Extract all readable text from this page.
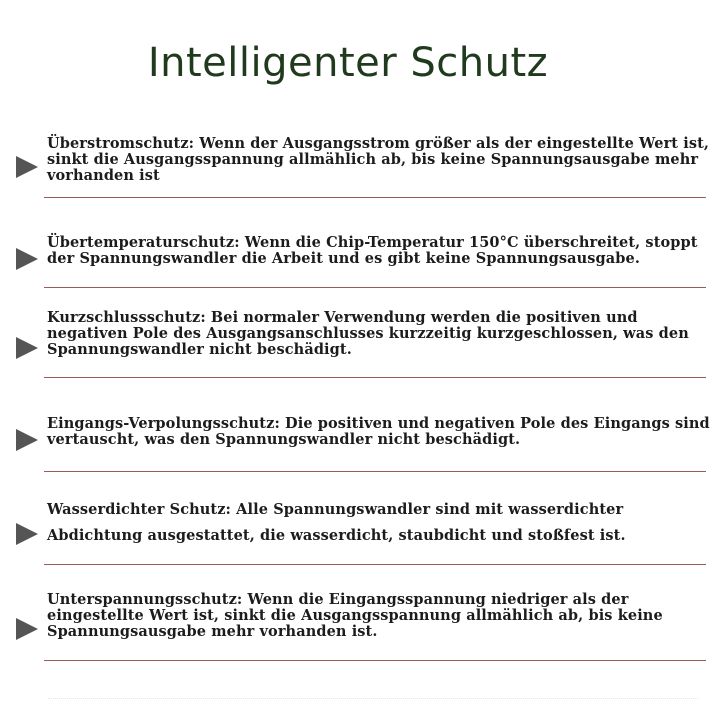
Intelligenter Schutz
Überstromschutz: Wenn der Ausgangsstrom größer als der eingestellte Wert ist, sinkt die Ausgangsspannung allmählich ab, bis keine Spannungsausgabe mehr vorhanden ist
Übertemperaturschutz: Wenn die Chip-Temperatur 150°C überschreitet, stoppt der Spannungswandler die Arbeit und es gibt keine Spannungsausgabe.
Kurzschlussschutz: Bei normaler Verwendung werden die positiven und negativen Pole des Ausgangsanschlusses kurzzeitig kurzgeschlossen, was den Spannungswandler nicht beschädigt.
Eingangs-Verpolungsschutz: Die positiven und negativen Pole des Eingangs sind vertauscht, was den Spannungswandler nicht beschädigt.
Wasserdichter Schutz: Alle Spannungswandler sind mit wasserdichter Abdichtung ausgestattet, die wasserdicht, staubdicht und stoßfest ist.
Unterspannungsschutz: Wenn die Eingangsspannung niedriger als der eingestellte Wert ist, sinkt die Ausgangsspannung allmählich ab, bis keine Spannungsausgabe mehr vorhanden ist.
